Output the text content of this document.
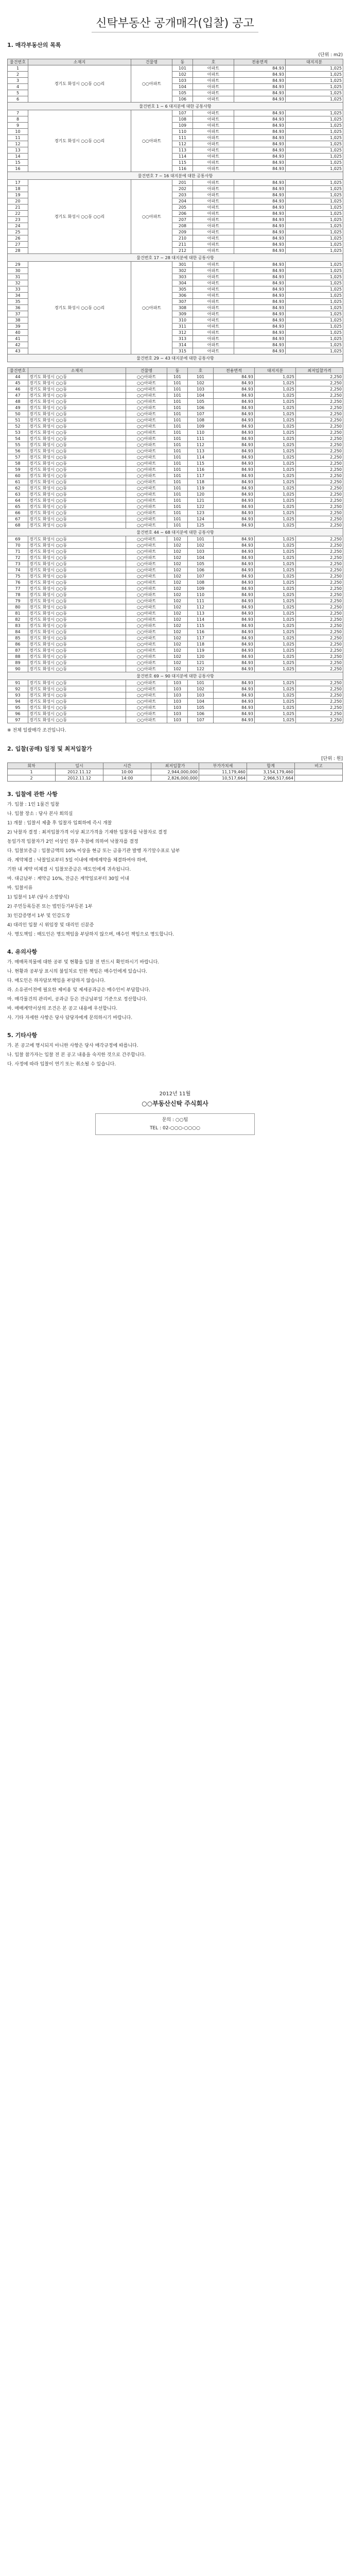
신탁부동산 공개매각(입찰) 공고
1. 매각부동산의 목록
(단위 : m2)
물건번호	소재지	건물명	동	호	전용면적	대지지분
1	경기도 화성시 ○○동 ○○리	○○아파트	101	아파트	84.93	1,025
2			102	아파트	84.93	1,025
3			103	아파트	84.93	1,025
4			104	아파트	84.93	1,025
5			105	아파트	84.93	1,025
6			106	아파트	84.93	1,025
물건번호 1 ~ 6 대지분에 대한 공통사항						
7	경기도 화성시 ○○동 ○○리	○○아파트	107	아파트	84.93	1,025
8			108	아파트	84.93	1,025
9			109	아파트	84.93	1,025
10			110	아파트	84.93	1,025
11			111	아파트	84.93	1,025
12			112	아파트	84.93	1,025
13			113	아파트	84.93	1,025
14			114	아파트	84.93	1,025
15			115	아파트	84.93	1,025
16			116	아파트	84.93	1,025
물건번호 7 ~ 16 대지분에 대한 공통사항						
17	경기도 화성시 ○○동 ○○리	○○아파트	201	아파트	84.93	1,025
18			202	아파트	84.93	1,025
19			203	아파트	84.93	1,025
20			204	아파트	84.93	1,025
21			205	아파트	84.93	1,025
22			206	아파트	84.93	1,025
23			207	아파트	84.93	1,025
24			208	아파트	84.93	1,025
25			209	아파트	84.93	1,025
26			210	아파트	84.93	1,025
27			211	아파트	84.93	1,025
28			212	아파트	84.93	1,025
물건번호 17 ~ 28 대지분에 대한 공통사항						
29	경기도 화성시 ○○동 ○○리	○○아파트	301	아파트	84.93	1,025
30			302	아파트	84.93	1,025
31			303	아파트	84.93	1,025
32			304	아파트	84.93	1,025
33			305	아파트	84.93	1,025
34			306	아파트	84.93	1,025
35			307	아파트	84.93	1,025
36			308	아파트	84.93	1,025
37			309	아파트	84.93	1,025
38			310	아파트	84.93	1,025
39			311	아파트	84.93	1,025
40			312	아파트	84.93	1,025
41			313	아파트	84.93	1,025
42			314	아파트	84.93	1,025
43			315	아파트	84.93	1,025
물건번호 29 ~ 43 대지분에 대한 공통사항						
물건번호	소재지	건물명	동	호	전용면적	대지지분	최저입찰가격
44	경기도 화성시 ○○동	○○아파트	101	101	84.93	1,025	2,250
45	경기도 화성시 ○○동	○○아파트	101	102	84.93	1,025	2,250
46	경기도 화성시 ○○동	○○아파트	101	103	84.93	1,025	2,250
47	경기도 화성시 ○○동	○○아파트	101	104	84.93	1,025	2,250
48	경기도 화성시 ○○동	○○아파트	101	105	84.93	1,025	2,250
49	경기도 화성시 ○○동	○○아파트	101	106	84.93	1,025	2,250
50	경기도 화성시 ○○동	○○아파트	101	107	84.93	1,025	2,250
51	경기도 화성시 ○○동	○○아파트	101	108	84.93	1,025	2,250
52	경기도 화성시 ○○동	○○아파트	101	109	84.93	1,025	2,250
53	경기도 화성시 ○○동	○○아파트	101	110	84.93	1,025	2,250
54	경기도 화성시 ○○동	○○아파트	101	111	84.93	1,025	2,250
55	경기도 화성시 ○○동	○○아파트	101	112	84.93	1,025	2,250
56	경기도 화성시 ○○동	○○아파트	101	113	84.93	1,025	2,250
57	경기도 화성시 ○○동	○○아파트	101	114	84.93	1,025	2,250
58	경기도 화성시 ○○동	○○아파트	101	115	84.93	1,025	2,250
59	경기도 화성시 ○○동	○○아파트	101	116	84.93	1,025	2,250
60	경기도 화성시 ○○동	○○아파트	101	117	84.93	1,025	2,250
61	경기도 화성시 ○○동	○○아파트	101	118	84.93	1,025	2,250
62	경기도 화성시 ○○동	○○아파트	101	119	84.93	1,025	2,250
63	경기도 화성시 ○○동	○○아파트	101	120	84.93	1,025	2,250
64	경기도 화성시 ○○동	○○아파트	101	121	84.93	1,025	2,250
65	경기도 화성시 ○○동	○○아파트	101	122	84.93	1,025	2,250
66	경기도 화성시 ○○동	○○아파트	101	123	84.93	1,025	2,250
67	경기도 화성시 ○○동	○○아파트	101	124	84.93	1,025	2,250
68	경기도 화성시 ○○동	○○아파트	101	125	84.93	1,025	2,250
물건번호 44 ~ 68 대지분에 대한 공통사항							
69	경기도 화성시 ○○동	○○아파트	102	101	84.93	1,025	2,250
70	경기도 화성시 ○○동	○○아파트	102	102	84.93	1,025	2,250
71	경기도 화성시 ○○동	○○아파트	102	103	84.93	1,025	2,250
72	경기도 화성시 ○○동	○○아파트	102	104	84.93	1,025	2,250
73	경기도 화성시 ○○동	○○아파트	102	105	84.93	1,025	2,250
74	경기도 화성시 ○○동	○○아파트	102	106	84.93	1,025	2,250
75	경기도 화성시 ○○동	○○아파트	102	107	84.93	1,025	2,250
76	경기도 화성시 ○○동	○○아파트	102	108	84.93	1,025	2,250
77	경기도 화성시 ○○동	○○아파트	102	109	84.93	1,025	2,250
78	경기도 화성시 ○○동	○○아파트	102	110	84.93	1,025	2,250
79	경기도 화성시 ○○동	○○아파트	102	111	84.93	1,025	2,250
80	경기도 화성시 ○○동	○○아파트	102	112	84.93	1,025	2,250
81	경기도 화성시 ○○동	○○아파트	102	113	84.93	1,025	2,250
82	경기도 화성시 ○○동	○○아파트	102	114	84.93	1,025	2,250
83	경기도 화성시 ○○동	○○아파트	102	115	84.93	1,025	2,250
84	경기도 화성시 ○○동	○○아파트	102	116	84.93	1,025	2,250
85	경기도 화성시 ○○동	○○아파트	102	117	84.93	1,025	2,250
86	경기도 화성시 ○○동	○○아파트	102	118	84.93	1,025	2,250
87	경기도 화성시 ○○동	○○아파트	102	119	84.93	1,025	2,250
88	경기도 화성시 ○○동	○○아파트	102	120	84.93	1,025	2,250
89	경기도 화성시 ○○동	○○아파트	102	121	84.93	1,025	2,250
90	경기도 화성시 ○○동	○○아파트	102	122	84.93	1,025	2,250
물건번호 69 ~ 90 대지분에 대한 공통사항							
91	경기도 화성시 ○○동	○○아파트	103	101	84.93	1,025	2,250
92	경기도 화성시 ○○동	○○아파트	103	102	84.93	1,025	2,250
93	경기도 화성시 ○○동	○○아파트	103	103	84.93	1,025	2,250
94	경기도 화성시 ○○동	○○아파트	103	104	84.93	1,025	2,250
95	경기도 화성시 ○○동	○○아파트	103	105	84.93	1,025	2,250
96	경기도 화성시 ○○동	○○아파트	103	106	84.93	1,025	2,250
97	경기도 화성시 ○○동	○○아파트	103	107	84.93	1,025	2,250
※ 전체 일괄매각 조건입니다.
2. 입찰(공매) 일정 및 최저입찰가
[단위 : 원]
회차	일시	시간	최저입찰가	부가가치세	합계	비고
1	2012.11.12	10:00	2,944,000,000	11,179,460	3,154,179,460	
2	2012.11.12	14:00	2,826,000,000	10,517,664	2,966,517,664	
3. 입찰에 관한 사항

가. 입찰 : 1인 1물건 입찰

나. 입찰 장소 : 당사 본사 회의실

1) 개찰 : 입찰서 제출 후 입찰자 입회하에 즉시 개찰

2) 낙찰자 결정 : 최저입찰가격 이상 최고가격을 기재한 입찰자를 낙찰자로 결정

동일가격 입찰자가 2인 이상인 경우 추첨에 의하여 낙찰자를 결정

다. 입찰보증금 : 입찰금액의 10% 이상을 현금 또는 금융기관 발행 자기앞수표로 납부

라. 계약체결 : 낙찰일로부터 5일 이내에 매매계약을 체결하여야 하며,

기한 내 계약 미체결 시 입찰보증금은 매도인에게 귀속됩니다.

마. 대금납부 : 계약금 10%, 잔금은 계약일로부터 30일 이내

바. 입찰서류

1) 입찰서 1부 (당사 소정양식)

2) 주민등록등본 또는 법인등기부등본 1부

3) 인감증명서 1부 및 인감도장

4) 대리인 입찰 시 위임장 및 대리인 신분증

사. 명도책임 : 매도인은 명도책임을 부담하지 않으며, 매수인 책임으로 명도합니다.

4. 유의사항

가. 매매목적물에 대한 공부 및 현황을 입찰 전 반드시 확인하시기 바랍니다.

나. 현황과 공부상 표시의 불일치로 인한 책임은 매수인에게 있습니다.

다. 매도인은 하자담보책임을 부담하지 않습니다.

라. 소유권이전에 필요한 제비용 및 제세공과금은 매수인이 부담합니다.

마. 매각물건의 관리비, 공과금 등은 잔금납부일 기준으로 정산합니다.

바. 매매계약서상의 조건은 본 공고 내용에 우선합니다.

사. 기타 자세한 사항은 당사 담당자에게 문의하시기 바랍니다.

5. 기타사항

가. 본 공고에 명시되지 아니한 사항은 당사 매각규정에 따릅니다.

나. 입찰 참가자는 입찰 전 본 공고 내용을 숙지한 것으로 간주합니다.

다. 사정에 따라 입찰이 연기 또는 취소될 수 있습니다.

2012년 11월
○○부동산신탁 주식회사
문의 : ○○팀
TEL : 02-○○○-○○○○
